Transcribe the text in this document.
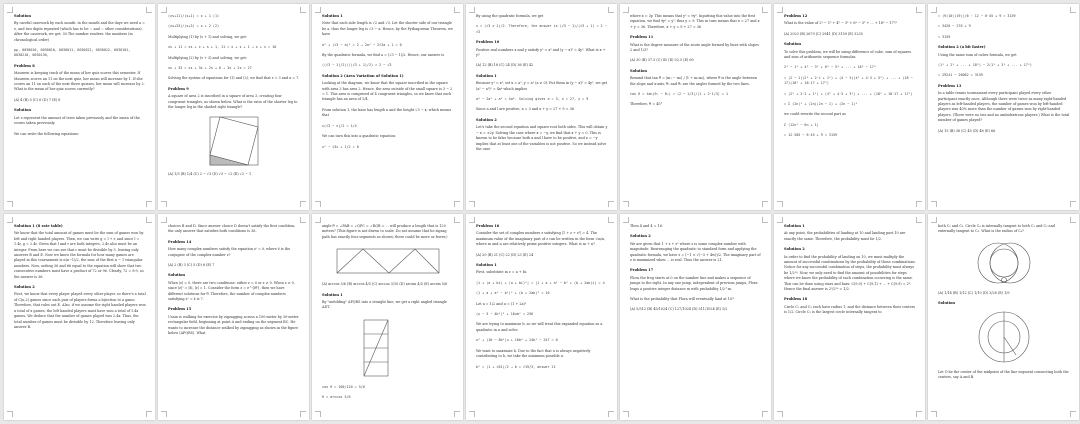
Solution
By careful casework by each month: in the month and the days we need a = e, and two digits repeated (which has to be ∼ and ∼ other considerations). After the casework, we get: 30 The number readers: the numbers (in chronological order)
pp, 0030010, 0030010, 0030011, 0030021, 0030012, 0030101, 0030210, 0030130,
Problem 8
Maureen is keeping track of the mean of her quiz scores this semester. If Maureen scores an 11 on the next quiz, her mean will increase by 1. If she scores an 11 on each of the next three quizzes, her mean will increase by 2. What is the mean of her quiz scores currently?
(A) 4 (B) 5 (C) 6 (D) 7 (E) 8
Solution
Let s represent the amount of tests taken previously and the mean of the scores taken previously.
We can write the following equations:
(xs+11)/(s+1) = x + 1 (1)
(xs+33)/(s+3) = x + 2 (2)
Multiplying (1) by (s + 1) and solving, we get:
xs + 11 = xs + x + s + 1, 11 = x + s + 1 → x + s = 10
Multiplying (2) by (s + 3) and solving, we get:
xs + 33 = xs + 3x + 2s + 6 → 3x + 2s = 27
Solving the system of equations for (1) and (2), we find that s = 3 and x = 7.
Problem 9
A square of area 2 is inscribed in a square of area 3, creating four congruent triangles, as shown below. What is the ratio of the shorter leg to the longer leg in the shaded right triangle?
(A) 1/5 (B) 1/4 (C) 2 − √3 (D) √3 − √2 (E) √2 − 1
Solution 1
Note that each side length is √2 and √3. Let the shorter side of our triangle be a, thus the longer leg is √3 − a. Hence, by the Pythagorean Theorem, we have
a² + (√3 − a)² = 2 → 2a² − 2√3a + 1 = 0
By the quadratic formula, we find a = (√3 − 1)/2. Hence, our answer is
((√3 − 1)/2)/((√3 + 1)/2) = 2 − √3
Solution 2 (Area Variation of Solution 1)
Looking at the diagram, we know that the square inscribed in the square with area 3 has area 2. Hence, the area outside of the small square is 3 − 2 = 1. This area is comprised of 4 congruent triangles, so we know that each triangle has an area of 1/4.
From solution 1, the base has length x and the height √3 − x, which means that
x(√3 − x)/2 = 1/4
We can turn this into a quadratic equation:
x² − √3x + 1/2 = 0
By using the quadratic formula, we get
x = (√3 ± 1)/2. Therefore, the answer is (√3 − 1)/(√3 + 1) = 2 − √3
Problem 10
Positive real numbers x and y satisfy y³ = x² and (y − x)² = 4y². What is x + y?
(A) 12 (B) 18 (C) 24 (D) 36 (E) 42
Solution 1
Because y³ = x², set x = a³, y = a² (a ≠ 0). Put them in (y − x)² = 4y², we get (a² − a³)² = 4a⁴ which implies
a⁴ − 2a⁵ + a⁶ = 4a⁴. Solving gives a = 3, x = 27, y = 9
Since a and l are positive, a = 3 and x + y = 27 + 9 = 36
Solution 2
Let's take the second equation and square root both sides. This will obtain y − x = ±2y. Solving the case where x = −y, we find that x + y = 0. This is known to be false because both x and l have to be positive, and x = −y implies that at least one of the variables is not positive. So we instead solve the case
where x = 3y. This means that y³ = 9y². Inputting this value into the first equation, we find 9y² = y³, thus y = 9. This in turn means that x = 27 and x + y = 36. Therefore, x + y = 9 + 27 = 36
Problem 11
What is the degree measure of the acute angle formed by lines with slopes 2 and 1/3?
(A) 30 (B) 37.5 (C) 45 (D) 52.5 (E) 60
Solution
Remind that tan θ = |m₁ − m₂| / |1 + m₁m₂|, where θ is the angle between the slope and x-axis; θ₁ and θ₂ are the angles formed by the two lines.
tan θ = tan(θ₁ − θ₂) = (2 − 1/3)/(1 + 2·1/3) = 1
Therefore, θ = 45°
Problem 12
What is the value of 2³ − 1³ + 4³ − 3³ + 6³ − 5³ + ... + 18³ − 17³?
(A) 2023 (B) 2679 (C) 2941 (D) 3159 (E) 3235
Solution
To solve this problem, we will be using difference of cube, sum of squares and sum of arithmetic sequence formulas.
2³ − 1³ + 4³ − 3³ + 6³ − 5³ + ... + 18³ − 17³
= (2 − 1)(2² + 2·1 + 1²) + (4 − 3)(4² + 4·3 + 3²) + ... + (18 − 17)(18² + 18·17 + 17²)
= (2² + 2·1 + 1²) + (4² + 4·3 + 3²) + ... + (18² + 18·17 + 17²)
= Σ (2n)² + (2n)(2n − 1) + (2n − 1)²
we could rewrite the second part as
Σ (12n² − 6n + 1)
= 12·285 − 6·45 + 9 = 3159
= (9(10)(19))/6 · 12 − 6·45 + 9 = 3159
= 3420 − 270 + 9
= 3159
Solution 2 (a bit faster)
Using the same sum of cubes formula, we get
(1³ + 2³ + ... + 18³) − 2(1³ + 3³ + ... + 17³)
= 29241 − 26082 = 3159
Problem 13
In a table tennis tournament every participant played every other participant exactly once. Although there were twice as many right-handed players as left-handed players, the number of games won by left-handed players was 40% more than the number of games won by right-handed players. (There were no ties and no ambidextrous players.) What is the total number of games played?
(A) 15 (B) 36 (C) 45 (D) 48 (E) 66
Solution 1 (8 rate table)
We know that the total amount of games must be the sum of games won by left and right handed players. Then, we can write g = l + r, and since l = 1.4r, g = 2.4r. Given that l and r are both integers, 2.4r also must be an integer. From here we can see that r must be divisible by 5, leaving only answers B and E. Now we know the formula for how many games are played in this tournament is n(n−1)/2, the sum of the first n − 1 triangular numbers. Now, setting 36 and 66 equal to the equation will show that two consecutive numbers must have a product of 72 or 96. Clearly, 72 = 8·9, so the answer is 36.
Solution 2
First, we know that every player played every other player, so there's a total of C(n,2) games since each pair of players forms a bijection to a game. Therefore, that rules out E. Also, if we assume the right handed players won a total of x games, the left handed players must have won a total of 1.4x games. We deduce that the number of games played was 2.4x. Thus, the total number of games must be divisible by 12. Therefore leaving only answer B.
choices B and D. Since answer choice D doesn't satisfy the first condition, the only answer that satisfies both conditions is 36.
Problem 14
How many complex numbers satisfy the equation z⁵ = z̄, where z̄ is the conjugate of the complex number z?
(A) 2 (B) 3 (C) 5 (D) 6 (E) 7
Solution
When |z| = 0, there are two conditions: either z = 0 or z ≠ 0. When z ≠ 0, since |z|⁵ = |z̄|, |z| = 1. Consider the form z = e^{iθ}, then we have different solutions for θ. Therefore, the number of complex numbers satisfying z⁵ = z̄ is 7.
Problem 15
Usain is walking for exercise by zigzagging across a 100-meter by 30-meter rectangular field, beginning at point A and ending on the segment BC. He wants to increase the distance walked by zigzagging as shown in the figure below (APQRS). What
angle θ = ∠PAB = ∠QPC = ∠RQB = ... will produce a length that is 120 meters? (This figure is not drawn to scale. Do not assume that he zigzag path has exactly four segments as shown; there could be more or fewer.)
(A) arccos 5/6 (B) arccos 4/5 (C) arccos 3/10 (D) arcsin 4/5 (E) arcsin 5/6
Solution 1
By "unfolding" APQRS into a straight line, we get a right angled triangle ADT.
cos θ = 100/120 = 5/6
θ = arccos 5/6
Problem 16
Consider the set of complex numbers z satisfying |1 + z + z²| = 4. The maximum value of the imaginary part of z can be written in the form √m/n, where m and n are relatively prime positive integers. What is m + n?
(A) 20 (B) 21 (C) 22 (D) 23 (E) 24
Solution 1
First, substitute in z = a + bi.
|1 + (a + bi) + (a + bi)²| = |1 + a + a² − b² + (b + 2ab)i| = 4
(1 + a + a² − b²)² + (b + 2ab)² = 16
Let a = 1/2 and u = (1 + 2a)²
(u − 3 − 4b²)² + 16ub² = 256
We are trying to maximize b, so we will treat this expanded equation as a quadratic in u and solve.
u² + (10 − 8b²)u + 16b⁴ + 24b² − 247 = 0
We want to maximize b. Due to the fact that u is always negatively contributing to b, we take the minimum possible u.
b² = (1 + √61)/2 → b = √19/3, answer 21
Then 4 and 4 = 16.
Solution 2
We are given that 1 + z + z² where z is some complex number with magnitude. Rearranging the quadratic to standard form and applying the quadratic formula, we have z = (−1 ± √(−3 + 4w))/2. The imaginary part of z is maximized when ... is real. Thus the answer is 21.
Problem 17
Flora the frog starts at 0 on the number line and makes a sequence of jumps to the right. In any one jump, independent of previous jumps, Flora leaps a positive integer distance m with probability 1/2^m.
What is the probability that Flora will eventually land at 10?
(A) 5/512 (B) 45/1024 (C) 127/1024 (D) 511/1024 (E) 1/2
Solution 1
At any point, the probabilities of landing at 10 and landing past 10 are exactly the same. Therefore, the probability must be 1/2.
Solution 2
In order to find the probability of landing on 10, we must multiply the amount of successful combinations by the probability of those combinations. Notice for any successful combination of steps, the probability must always be 1/2¹⁰. Now, we only need to find the amount of possibilities for steps where we know the probability of each combination occurring is the same. This can be done using stars and bars: C(9,0) + C(9,1) + ... + C(9,9) = 2⁹. Hence the final answer is 2⁹/2¹⁰ = 1/2.
Problem 18
Circle C₁ and C₂ each have radius 1, and the distance between their centers is 1/2. Circle C₃ is the largest circle internally tangent to
both C₁ and C₂. Circle C₄ is internally tangent to both C₁ and C₂ and externally tangent to C₃. What is the radius of C₄?
(A) 1/14 (B) 1/12 (C) 1/10 (D) 3/28 (E) 1/9
Solution
Let O be the center of the midpoint of the line segment connecting both the centers, say A and B.
